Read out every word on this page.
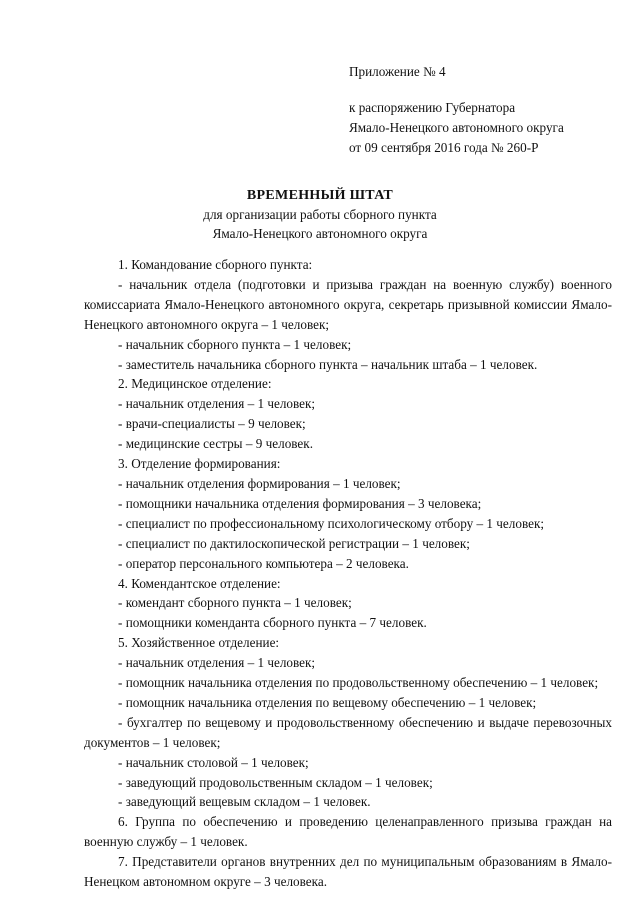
Приложение № 4
к распоряжению Губернатора
Ямало-Ненецкого автономного округа
от 09 сентября 2016 года № 260-Р
ВРЕМЕННЫЙ ШТАТ
для организации работы сборного пункта
Ямало-Ненецкого автономного округа
1. Командование сборного пункта:
- начальник отдела (подготовки и призыва граждан на военную службу) военного комиссариата Ямало-Ненецкого автономного округа, секретарь призывной комиссии Ямало-Ненецкого автономного округа – 1 человек;
- начальник сборного пункта – 1 человек;
- заместитель начальника сборного пункта – начальник штаба – 1 человек.
2. Медицинское отделение:
- начальник отделения – 1 человек;
- врачи-специалисты – 9 человек;
- медицинские сестры – 9 человек.
3. Отделение формирования:
- начальник отделения формирования – 1 человек;
- помощники начальника отделения формирования – 3 человека;
- специалист по профессиональному психологическому отбору – 1 человек;
- специалист по дактилоскопической регистрации – 1 человек;
- оператор персонального компьютера – 2 человека.
4. Комендантское отделение:
- комендант сборного пункта – 1 человек;
- помощники коменданта сборного пункта – 7 человек.
5. Хозяйственное отделение:
- начальник отделения – 1 человек;
- помощник начальника отделения по продовольственному обеспечению – 1 человек;
- помощник начальника отделения по вещевому обеспечению – 1 человек;
- бухгалтер по вещевому и продовольственному обеспечению и выдаче перевозочных документов – 1 человек;
- начальник столовой – 1 человек;
- заведующий продовольственным складом – 1 человек;
- заведующий вещевым складом – 1 человек.
6. Группа по обеспечению и проведению целенаправленного призыва граждан на военную службу – 1 человек.
7. Представители органов внутренних дел по муниципальным образованиям в Ямало-Ненецком автономном округе – 3 человека.
